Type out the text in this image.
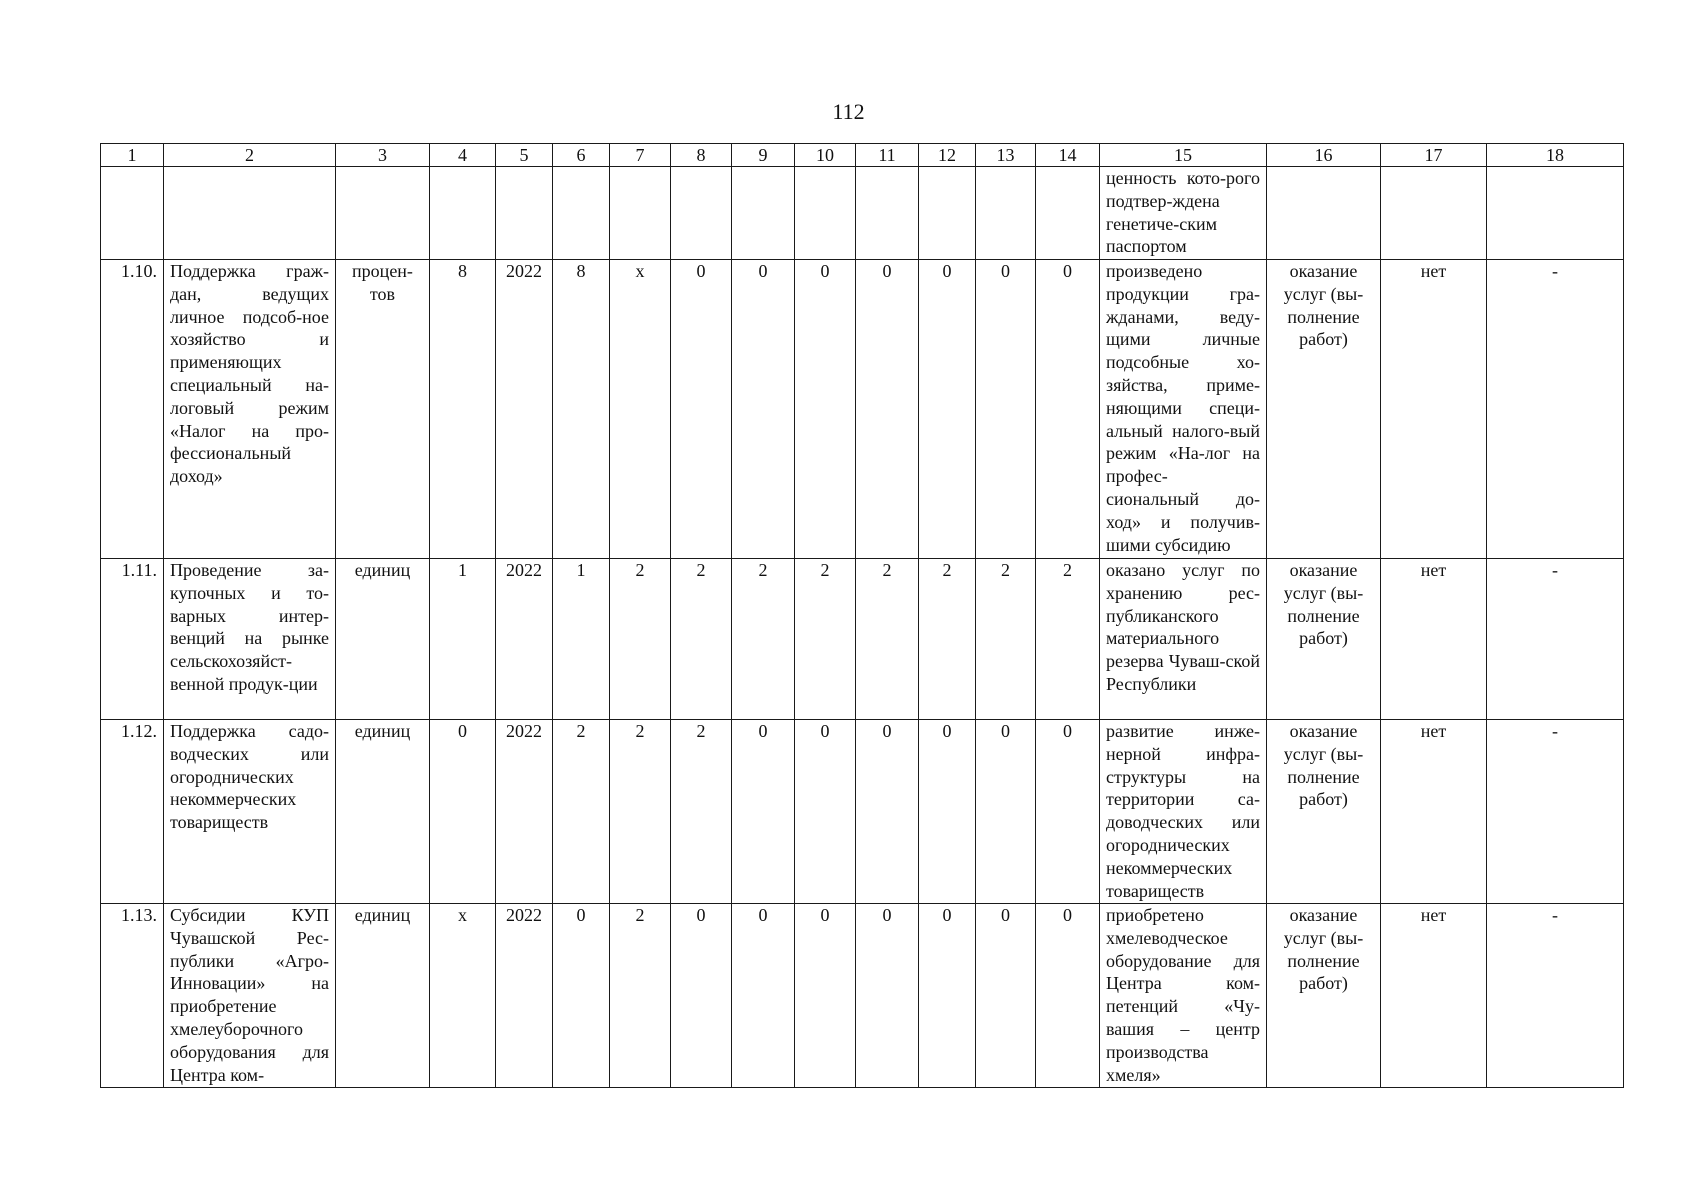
112
1	2	3	4	5	6	7	8	9	10	11	12	13	14	15	16	17	18
														ценность кото-рого подтвер-ждена генетиче-ским паспортом			
1.10.	Поддержка граж-дан, ведущих личное подсоб-ное хозяйство и применяющих специальный на-логовый режим «Налог на про-фессиональный доход»	процен-тов	8	2022	8	х	0	0	0	0	0	0	0	произведено продукции гра-жданами, веду-щими личные подсобные хо-зяйства, приме-няющими специ-альный налого-вый режим «На-лог на профес-сиональный до-ход» и получив-шими субсидию	оказание услуг (вы-полнение работ)	нет	-
1.11.	Проведение за-купочных и то-варных интер-венций на рынке сельскохозяйст-венной продук-ции	единиц	1	2022	1	2	2	2	2	2	2	2	2	оказано услуг по хранению рес-публиканского материального резерва Чуваш-ской Республики	оказание услуг (вы-полнение работ)	нет	-
1.12.	Поддержка садо-водческих или огороднических некоммерческих товариществ	единиц	0	2022	2	2	2	0	0	0	0	0	0	развитие инже-нерной инфра-структуры на территории са-доводческих или огороднических некоммерческих товариществ	оказание услуг (вы-полнение работ)	нет	-
1.13.	Субсидии КУП Чувашской Рес-публики «Агро-Инновации» на приобретение хмелеуборочного оборудования для Центра ком-	единиц	х	2022	0	2	0	0	0	0	0	0	0	приобретено хмелеводческое оборудование для Центра ком-петенций «Чу-вашия – центр производства хмеля»	оказание услуг (вы-полнение работ)	нет	-
